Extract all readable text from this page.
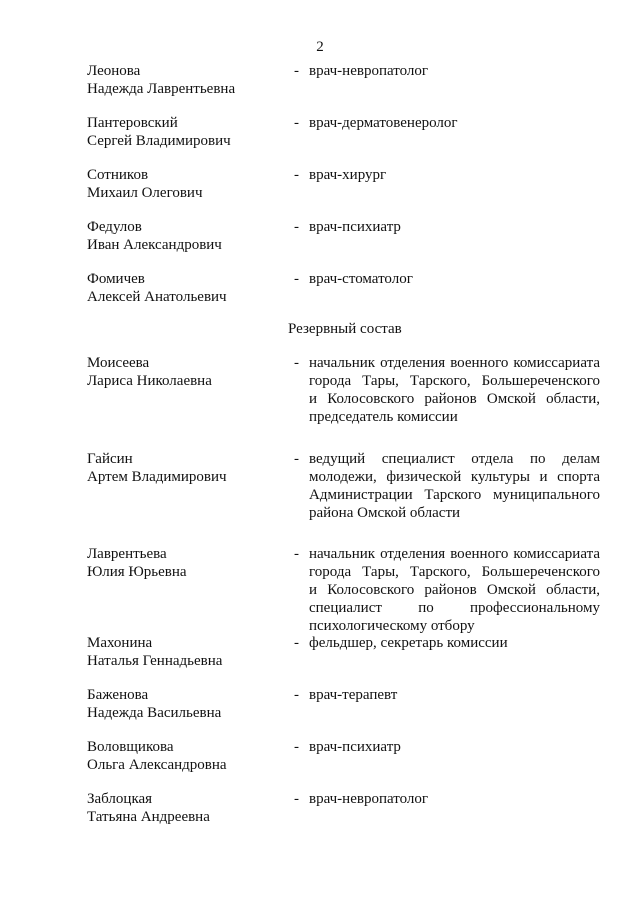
2
Леонова
Надежда Лаврентьевна
- врач-невропатолог
Пантеровский
Сергей Владимирович
- врач-дерматовенеролог
Сотников
Михаил Олегович
- врач-хирург
Федулов
Иван Александрович
- врач-психиатр
Фомичев
Алексей Анатольевич
- врач-стоматолог
Резервный состав
Моисеева
Лариса Николаевна
- начальник отделения военного комиссариата
города Тары, Тарского, Большереченского
и Колосовского районов Омской области,
председатель комиссии
Гайсин
Артем Владимирович
- ведущий специалист отдела по делам
молодежи, физической культуры и спорта
Администрации Тарского муниципального
района Омской области
Лаврентьева
Юлия Юрьевна
- начальник отделения военного комиссариата
города Тары, Тарского, Большереченского
и Колосовского районов Омской области,
специалист по профессиональному
психологическому отбору
Махонина
Наталья Геннадьевна
- фельдшер, секретарь комиссии
Баженова
Надежда Васильевна
- врач-терапевт
Воловщикова
Ольга Александровна
- врач-психиатр
Заблоцкая
Татьяна Андреевна
- врач-невропатолог
